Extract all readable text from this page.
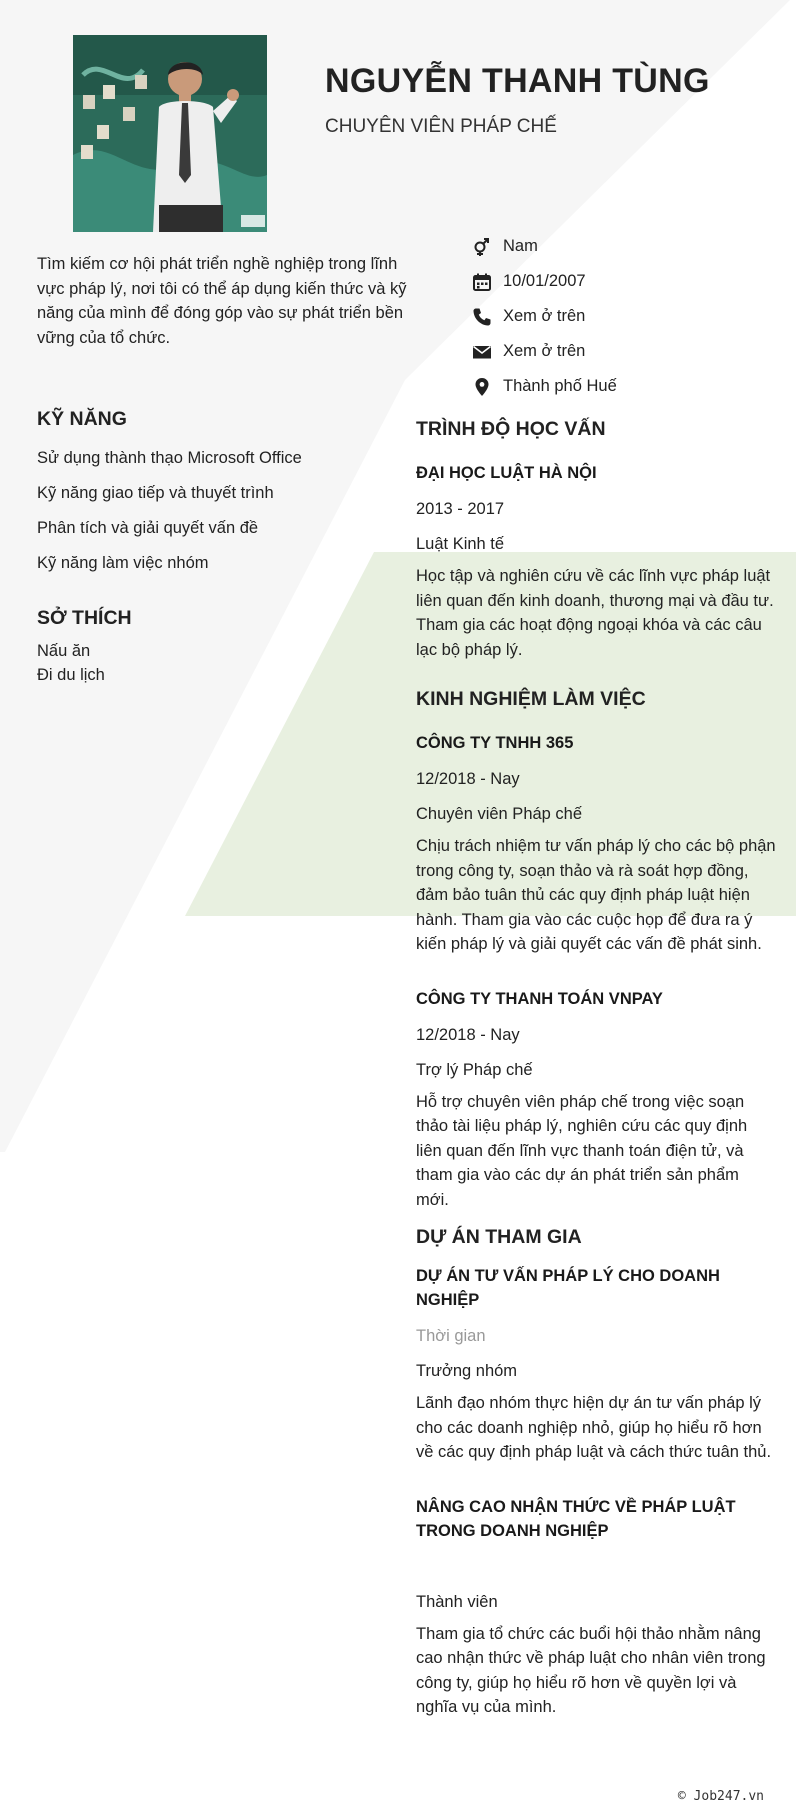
NGUYỄN THANH TÙNG
CHUYÊN VIÊN PHÁP CHẾ
Tìm kiếm cơ hội phát triển nghề nghiệp trong lĩnh vực pháp lý, nơi tôi có thể áp dụng kiến thức và kỹ năng của mình để đóng góp vào sự phát triển bền vững của tổ chức.
Nam
10/01/2007
Xem ở trên
Xem ở trên
Thành phố Huế
KỸ NĂNG
Sử dụng thành thạo Microsoft Office
Kỹ năng giao tiếp và thuyết trình
Phân tích và giải quyết vấn đề
Kỹ năng làm việc nhóm
SỞ THÍCH
Nấu ăn
Đi du lịch
TRÌNH ĐỘ HỌC VẤN
ĐẠI HỌC LUẬT HÀ NỘI
2013 - 2017
Luật Kinh tế
Học tập và nghiên cứu về các lĩnh vực pháp luật liên quan đến kinh doanh, thương mại và đầu tư. Tham gia các hoạt động ngoại khóa và các câu lạc bộ pháp lý.
KINH NGHIỆM LÀM VIỆC
CÔNG TY TNHH 365
12/2018 - Nay
Chuyên viên Pháp chế
Chịu trách nhiệm tư vấn pháp lý cho các bộ phận trong công ty, soạn thảo và rà soát hợp đồng, đảm bảo tuân thủ các quy định pháp luật hiện hành. Tham gia vào các cuộc họp để đưa ra ý kiến pháp lý và giải quyết các vấn đề phát sinh.
CÔNG TY THANH TOÁN VNPAY
12/2018 - Nay
Trợ lý Pháp chế
Hỗ trợ chuyên viên pháp chế trong việc soạn thảo tài liệu pháp lý, nghiên cứu các quy định liên quan đến lĩnh vực thanh toán điện tử, và tham gia vào các dự án phát triển sản phẩm mới.
DỰ ÁN THAM GIA
DỰ ÁN TƯ VẤN PHÁP LÝ CHO DOANH NGHIỆP
Thời gian
Trưởng nhóm
Lãnh đạo nhóm thực hiện dự án tư vấn pháp lý cho các doanh nghiệp nhỏ, giúp họ hiểu rõ hơn về các quy định pháp luật và cách thức tuân thủ.
NÂNG CAO NHẬN THỨC VỀ PHÁP LUẬT TRONG DOANH NGHIỆP
Thành viên
Tham gia tổ chức các buổi hội thảo nhằm nâng cao nhận thức về pháp luật cho nhân viên trong công ty, giúp họ hiểu rõ hơn về quyền lợi và nghĩa vụ của mình.
© Job247.vn
